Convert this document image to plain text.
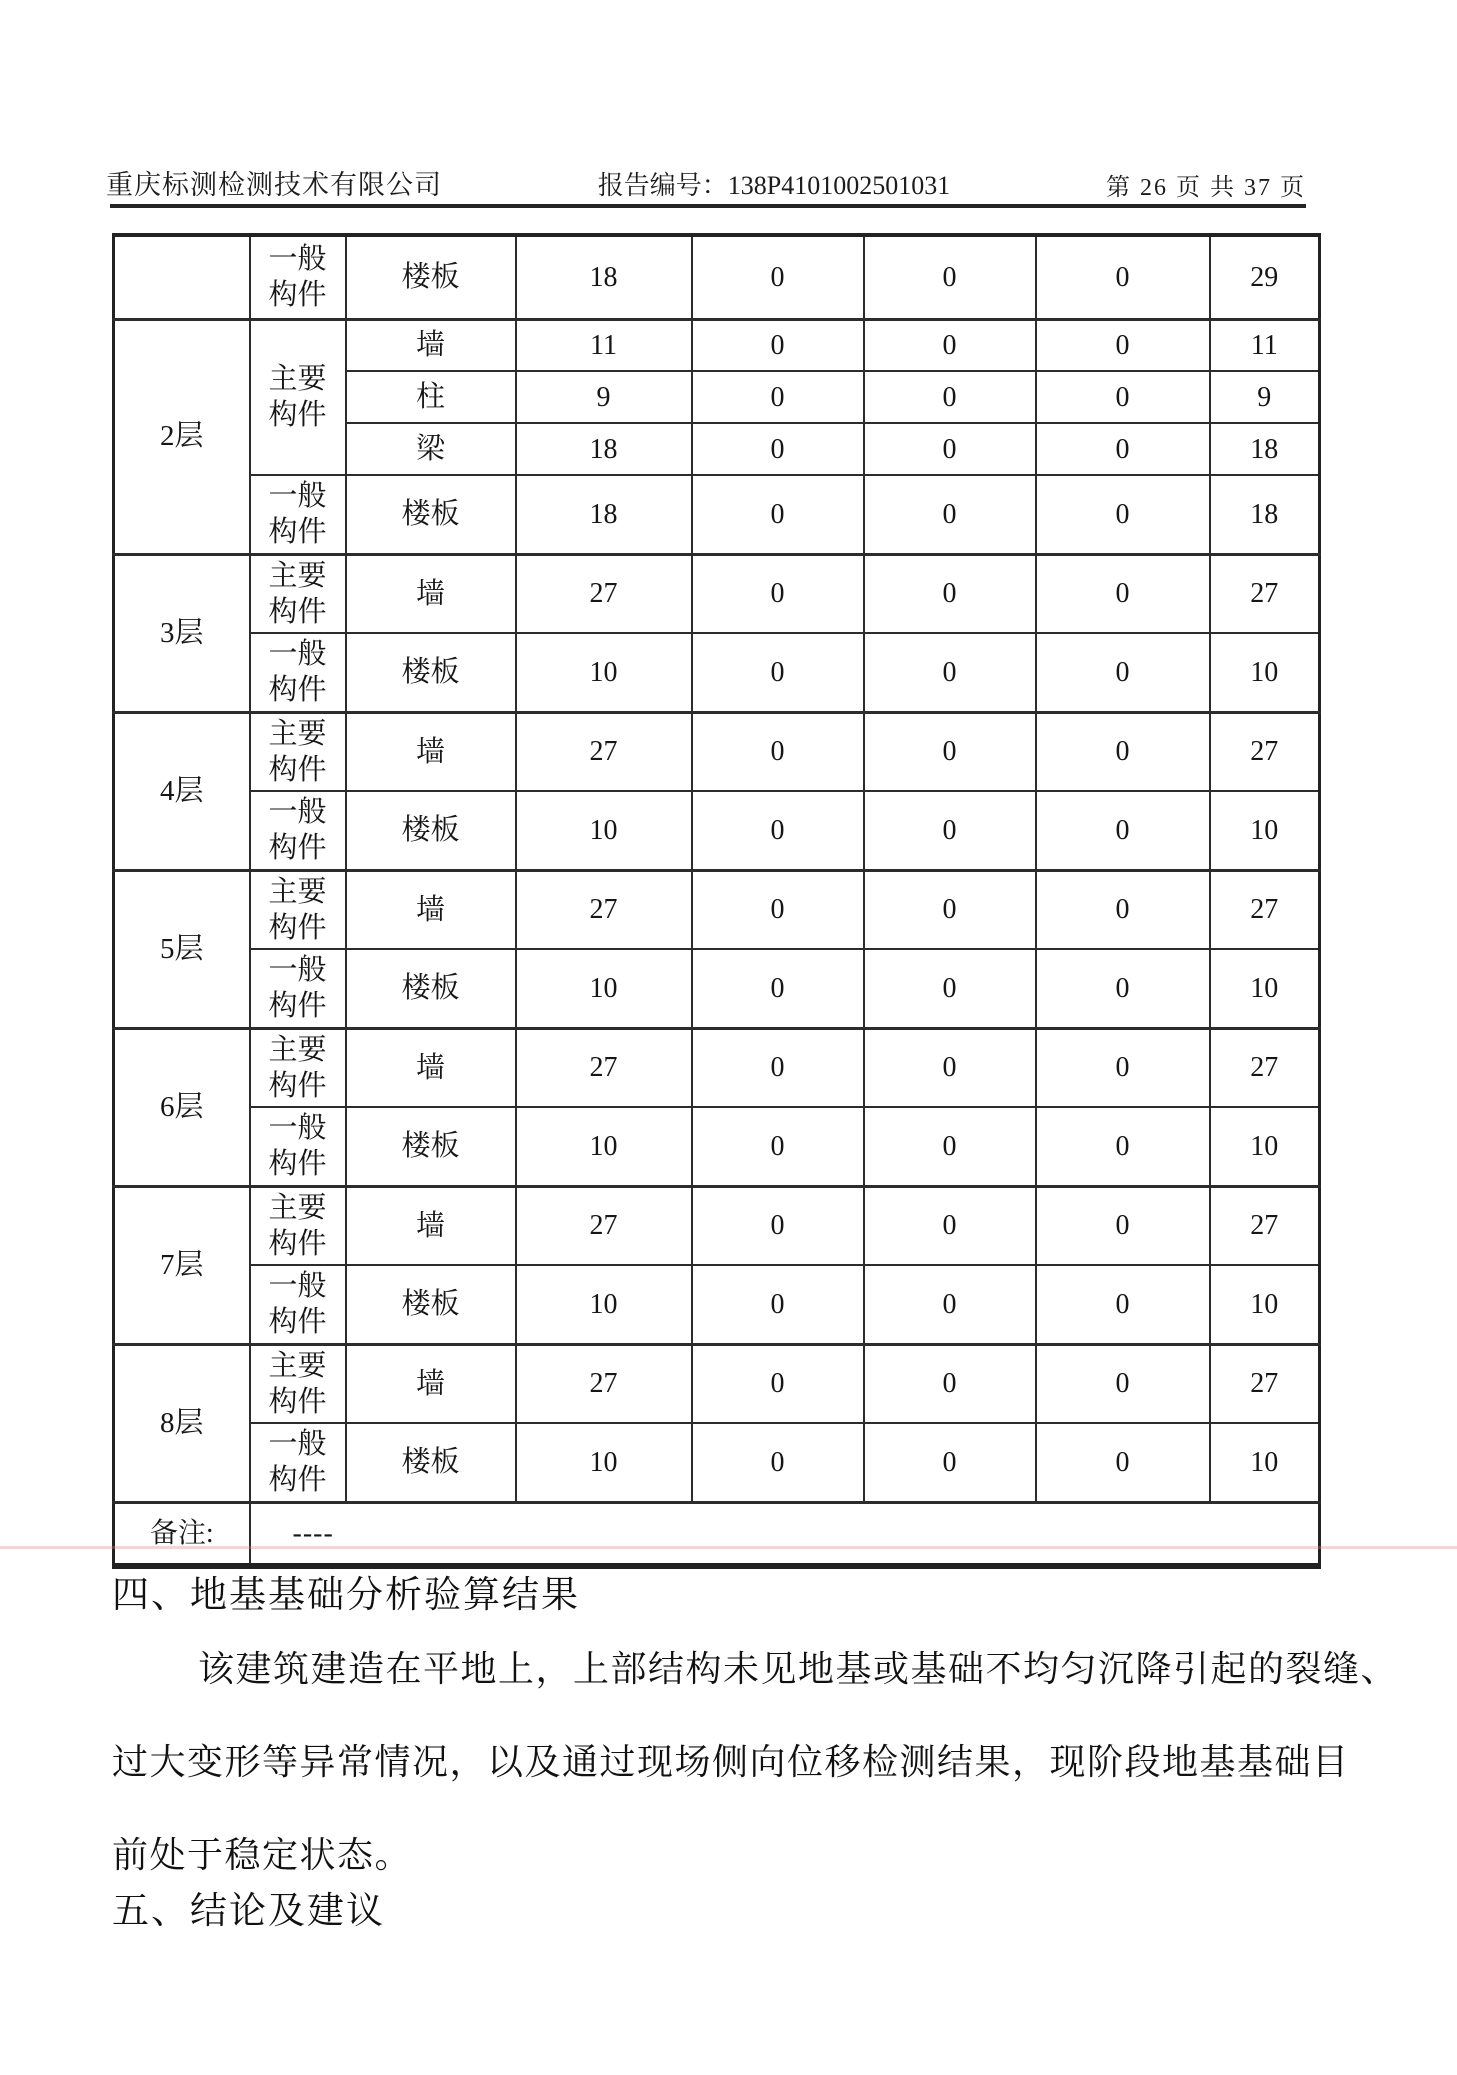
重庆标测检测技术有限公司	报告编号：138P4101002501031	第 26 页 共 37 页
	一般构件	楼板	18	0	0	0	29
2层	主要构件	墙	11	0	0	0	11
		柱	9	0	0	0	9
		梁	18	0	0	0	18
	一般构件	楼板	18	0	0	0	18
3层	主要构件	墙	27	0	0	0	27
	一般构件	楼板	10	0	0	0	10
4层	主要构件	墙	27	0	0	0	27
	一般构件	楼板	10	0	0	0	10
5层	主要构件	墙	27	0	0	0	27
	一般构件	楼板	10	0	0	0	10
6层	主要构件	墙	27	0	0	0	27
	一般构件	楼板	10	0	0	0	10
7层	主要构件	墙	27	0	0	0	27
	一般构件	楼板	10	0	0	0	10
8层	主要构件	墙	27	0	0	0	27
	一般构件	楼板	10	0	0	0	10
备注:	----						
四、地基基础分析验算结果
该建筑建造在平地上，上部结构未见地基或基础不均匀沉降引起的裂缝、
过大变形等异常情况，以及通过现场侧向位移检测结果，现阶段地基基础目
前处于稳定状态。
五、结论及建议
